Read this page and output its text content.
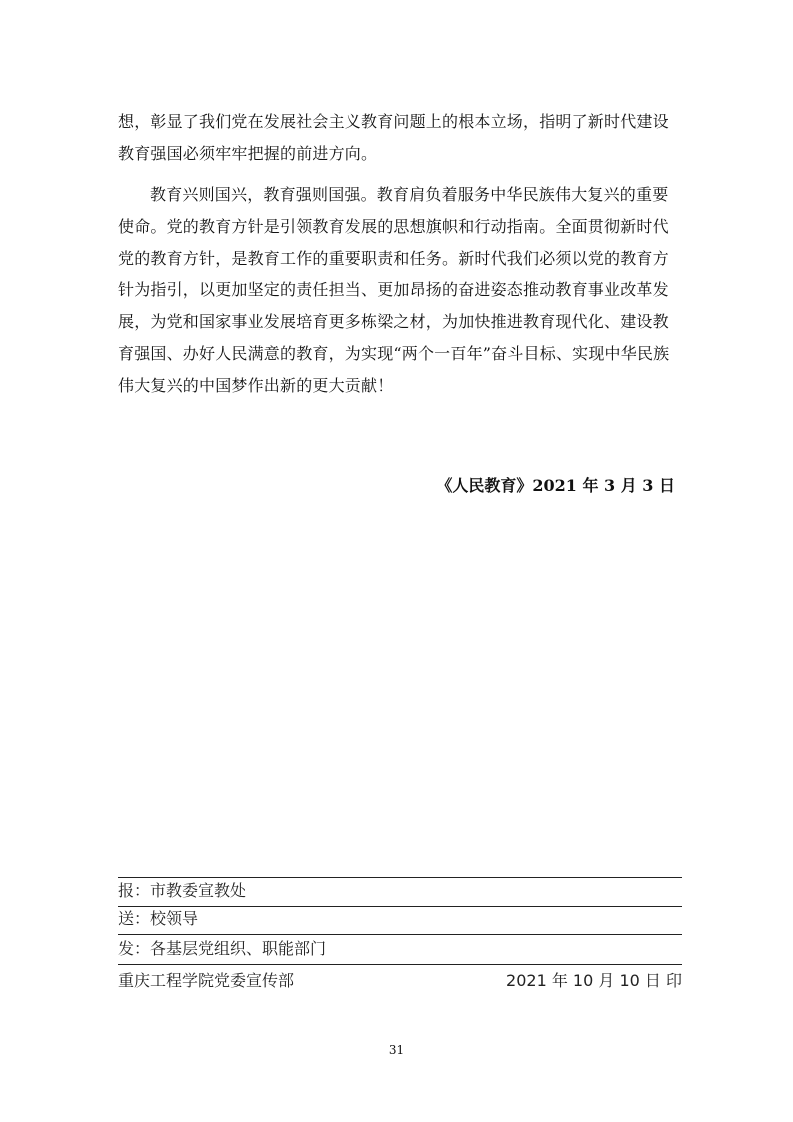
想，彰显了我们党在发展社会主义教育问题上的根本立场，指明了新时代建设教育强国必须牢牢把握的前进方向。

教育兴则国兴，教育强则国强。教育肩负着服务中华民族伟大复兴的重要使命。党的教育方针是引领教育发展的思想旗帜和行动指南。全面贯彻新时代党的教育方针，是教育工作的重要职责和任务。新时代我们必须以党的教育方针为指引，以更加坚定的责任担当、更加昂扬的奋进姿态推动教育事业改革发展，为党和国家事业发展培育更多栋梁之材，为加快推进教育现代化、建设教育强国、办好人民满意的教育，为实现“两个一百年”奋斗目标、实现中华民族伟大复兴的中国梦作出新的更大贡献！

《人民教育》2021 年 3 月 3 日

报：市教委宣教处
送：校领导
发：各基层党组织、职能部门
重庆工程学院党委宣传部	2021 年 10 月 10 日 印
31
